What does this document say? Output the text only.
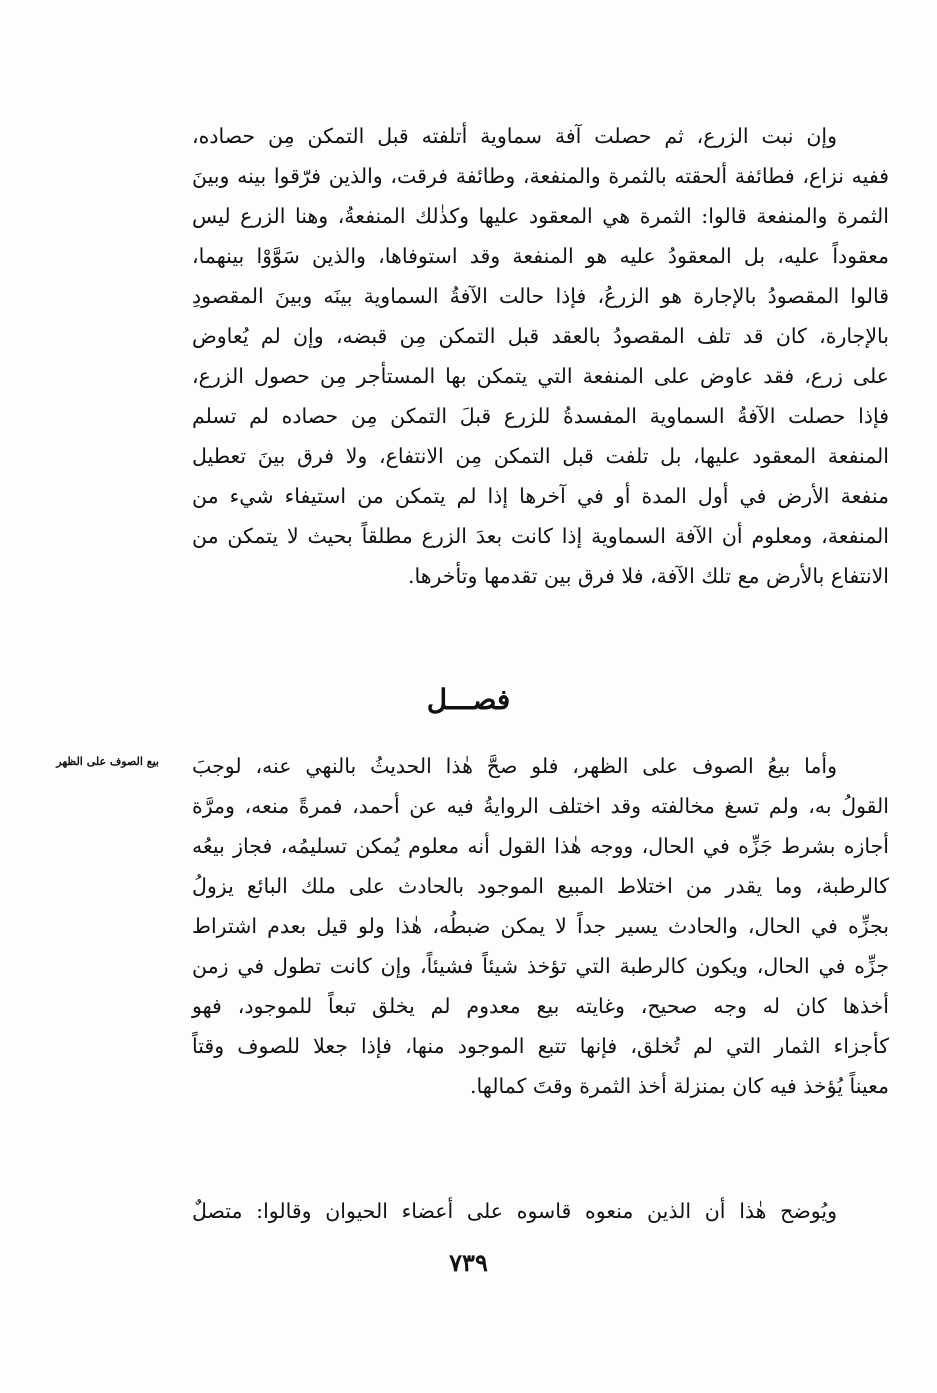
وإن نبت الزرع، ثم حصلت آفة سماوية أتلفته قبل التمكن مِن حصاده،
ففيه نزاع، فطائفة ألحقته بالثمرة والمنفعة، وطائفة فرقت، والذين فرّقوا بينه وبينَ
الثمرة والمنفعة قالوا: الثمرة هي المعقود عليها وكذٰلك المنفعةُ، وهنا الزرع ليس
معقوداً عليه، بل المعقودُ عليه هو المنفعة وقد استوفاها، والذين سَوَّوْا بينهما،
قالوا المقصودُ بالإجارة هو الزرعُ، فإذا حالت الآفةُ السماوية بينَه وبينَ المقصودِ
بالإجارة، كان قد تلف المقصودُ بالعقد قبل التمكن مِن قبضه، وإن لم يُعاوض
على زرع، فقد عاوض على المنفعة التي يتمكن بها المستأجر مِن حصول الزرع،
فإذا حصلت الآفةُ السماوية المفسدةُ للزرع قبلَ التمكن مِن حصاده لم تسلم
المنفعة المعقود عليها، بل تلفت قبل التمكن مِن الانتفاع، ولا فرق بينَ تعطيل
منفعة الأرض في أول المدة أو في آخرها إذا لم يتمكن من استيفاء شيء من
المنفعة، ومعلوم أن الآفة السماوية إذا كانت بعدَ الزرع مطلقاً بحيث لا يتمكن من
الانتفاع بالأرض مع تلك الآفة، فلا فرق بين تقدمها وتأخرها.
فصـــل
بيع الصوف على الظهر وأما بيعُ الصوف على الظهر، فلو صحَّ هٰذا الحديثُ بالنهي عنه، لوجبَ
القولُ به، ولم تسغ مخالفته وقد اختلف الروايةُ فيه عن أحمد، فمرةً منعه، ومرَّة
أجازه بشرط جَزِّه في الحال، ووجه هٰذا القول أنه معلوم يُمكن تسليمُه، فجاز بيعُه
كالرطبة، وما يقدر من اختلاط المبيع الموجود بالحادث على ملك البائع يزولُ
بجزِّه في الحال، والحادث يسير جداً لا يمكن ضبطُه، هٰذا ولو قيل بعدم اشتراط
جزِّه في الحال، ويكون كالرطبة التي تؤخذ شيئاً فشيئاً، وإن كانت تطول في زمن
أخذها كان له وجه صحيح، وغايته بيع معدوم لم يخلق تبعاً للموجود، فهو
كأجزاء الثمار التي لم تُخلق، فإنها تتبع الموجود منها، فإذا جعلا للصوف وقتاً
معيناً يُؤخذ فيه كان بمنزلة أخذ الثمرة وقتَ كمالها.
ويُوضح هٰذا أن الذين منعوه قاسوه على أعضاء الحيوان وقالوا: متصلٌ
٧٣٩
